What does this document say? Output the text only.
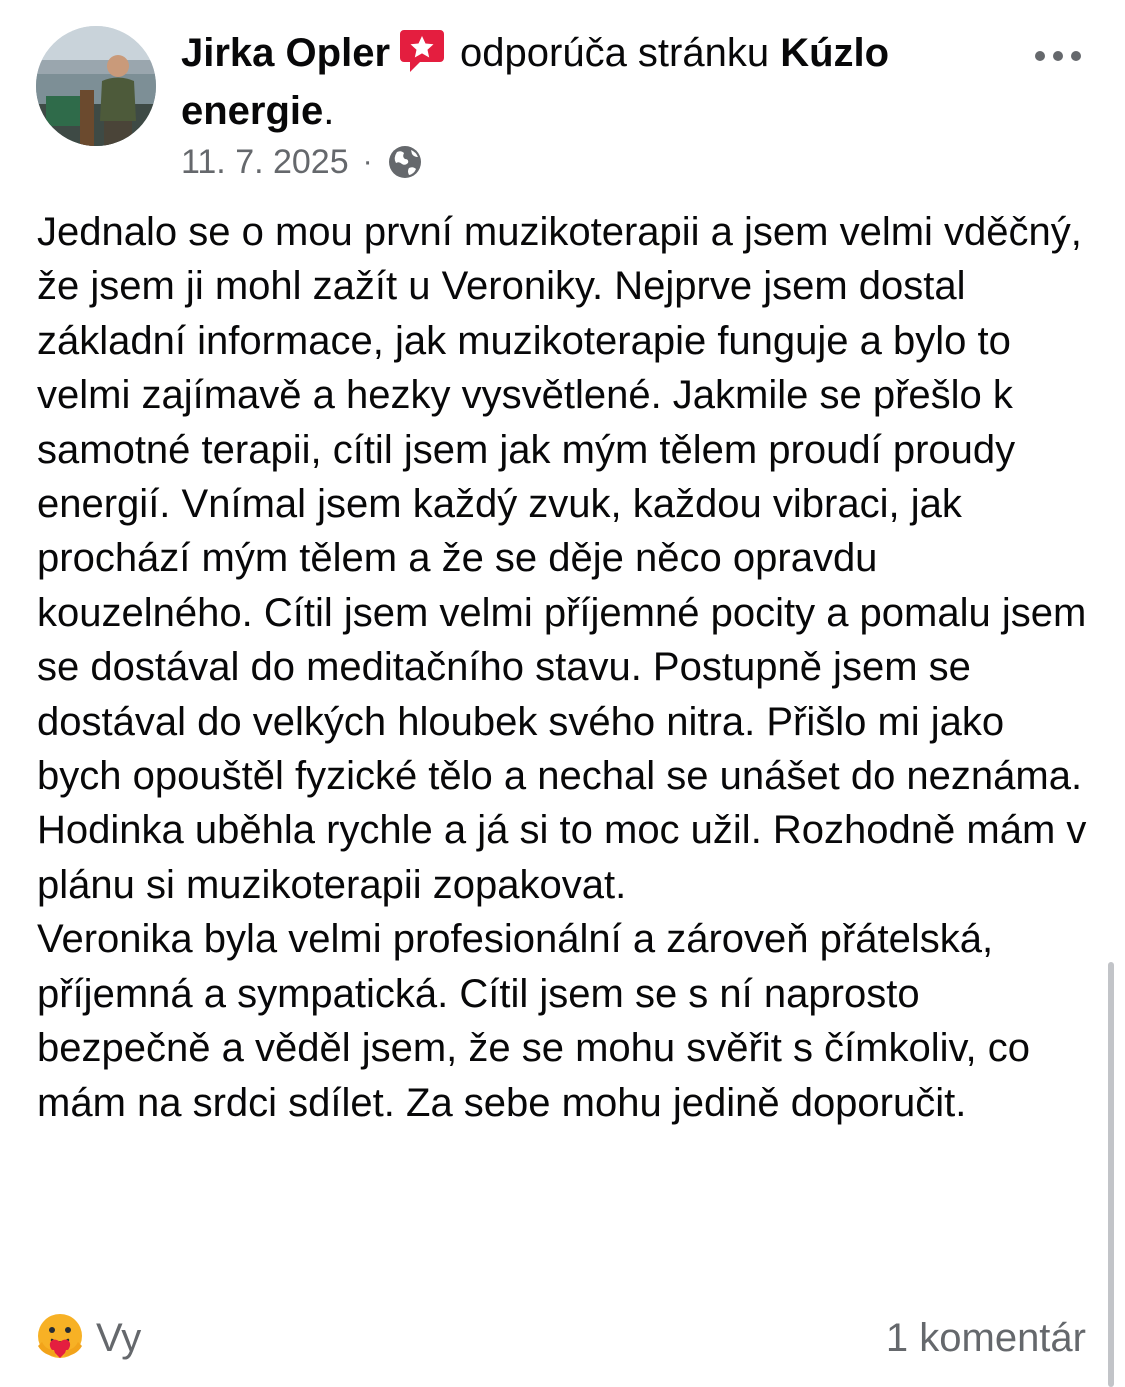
Jirka Opler odporúča stránku Kúzlo energie.
11. 7. 2025 ·

Jednalo se o mou první muzikoterapii a jsem velmi vděčný, že jsem ji mohl zažít u Veroniky. Nejprve jsem dostal základní informace, jak muzikoterapie funguje a bylo to velmi zajímavě a hezky vysvětlené. Jakmile se přešlo k samotné terapii, cítil jsem jak mým tělem proudí proudy energií. Vnímal jsem každý zvuk, každou vibraci, jak prochází mým tělem a že se děje něco opravdu kouzelného. Cítil jsem velmi příjemné pocity a pomalu jsem se dostával do meditačního stavu. Postupně jsem se dostával do velkých hloubek svého nitra. Přišlo mi jako bych opouštěl fyzické tělo a nechal se unášet do neznáma. Hodinka uběhla rychle a já si to moc užil. Rozhodně mám v plánu si muzikoterapii zopakovat.

Veronika byla velmi profesionální a zároveň přátelská, příjemná a sympatická. Cítil jsem se s ní naprosto bezpečně a věděl jsem, že se mohu svěřit s čímkoliv, co mám na srdci sdílet. Za sebe mohu jedině doporučit.

Vy	1 komentár
